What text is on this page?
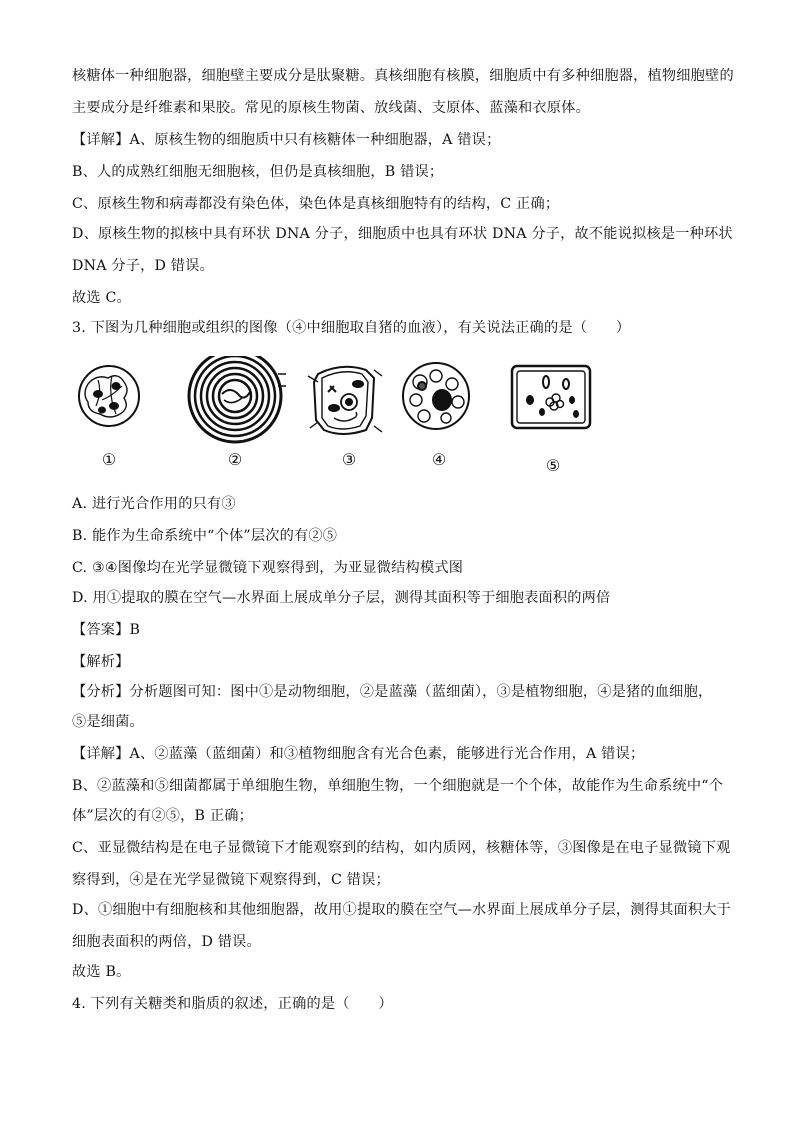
核糖体一种细胞器，细胞壁主要成分是肽聚糖。真核细胞有核膜，细胞质中有多种细胞器，植物细胞壁的
主要成分是纤维素和果胶。常见的原核生物菌、放线菌、支原体、蓝藻和衣原体。
【详解】A、原核生物的细胞质中只有核糖体一种细胞器，A 错误；
B、人的成熟红细胞无细胞核，但仍是真核细胞，B 错误；
C、原核生物和病毒都没有染色体，染色体是真核细胞特有的结构，C 正确；
D、原核生物的拟核中具有环状 DNA 分子，细胞质中也具有环状 DNA 分子，故不能说拟核是一种环状
DNA 分子，D 错误。
故选 C。
3. 下图为几种细胞或组织的图像（④中细胞取自猪的血液），有关说法正确的是（　　）
①	②	③	④	⑤
A. 进行光合作用的只有③
B. 能作为生命系统中“个体”层次的有②⑤
C. ③④图像均在光学显微镜下观察得到，为亚显微结构模式图
D. 用①提取的膜在空气—水界面上展成单分子层，测得其面积等于细胞表面积的两倍
【答案】B
【解析】
【分析】分析题图可知：图中①是动物细胞，②是蓝藻（蓝细菌），③是植物细胞，④是猪的血细胞，
⑤是细菌。
【详解】A、②蓝藻（蓝细菌）和③植物细胞含有光合色素，能够进行光合作用，A 错误；
B、②蓝藻和⑤细菌都属于单细胞生物，单细胞生物，一个细胞就是一个个体，故能作为生命系统中“个
体”层次的有②⑤，B 正确；
C、亚显微结构是在电子显微镜下才能观察到的结构，如内质网，核糖体等，③图像是在电子显微镜下观
察得到，④是在光学显微镜下观察得到，C 错误；
D、①细胞中有细胞核和其他细胞器，故用①提取的膜在空气—水界面上展成单分子层，测得其面积大于
细胞表面积的两倍，D 错误。
故选 B。
4. 下列有关糖类和脂质的叙述，正确的是（　　）
